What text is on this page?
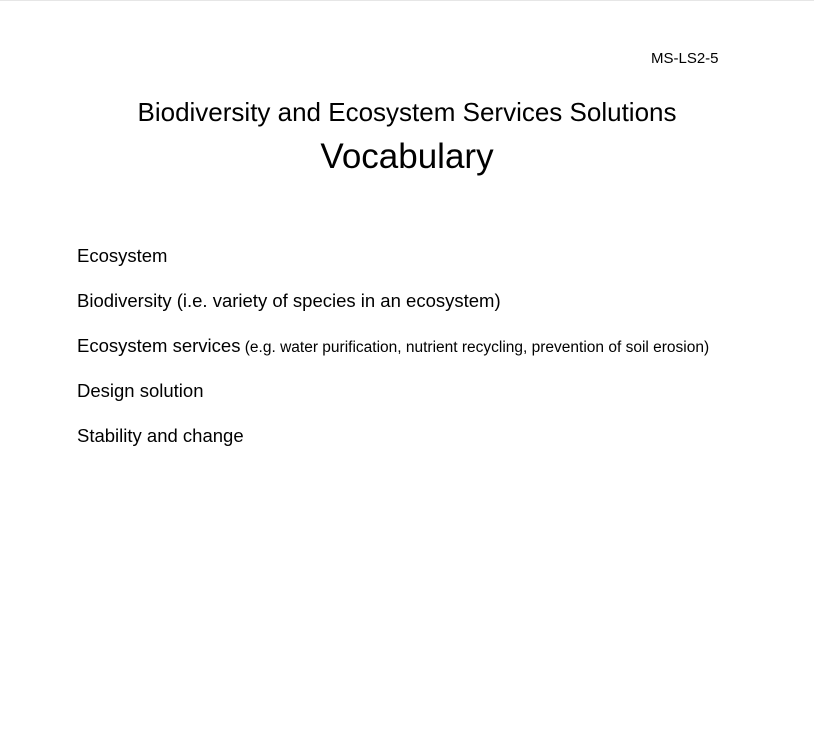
MS-LS2-5
Biodiversity and Ecosystem Services Solutions
Vocabulary
Ecosystem
Biodiversity (i.e. variety of species in an ecosystem)
Ecosystem services (e.g. water purification, nutrient recycling, prevention of soil erosion)
Design solution
Stability and change
